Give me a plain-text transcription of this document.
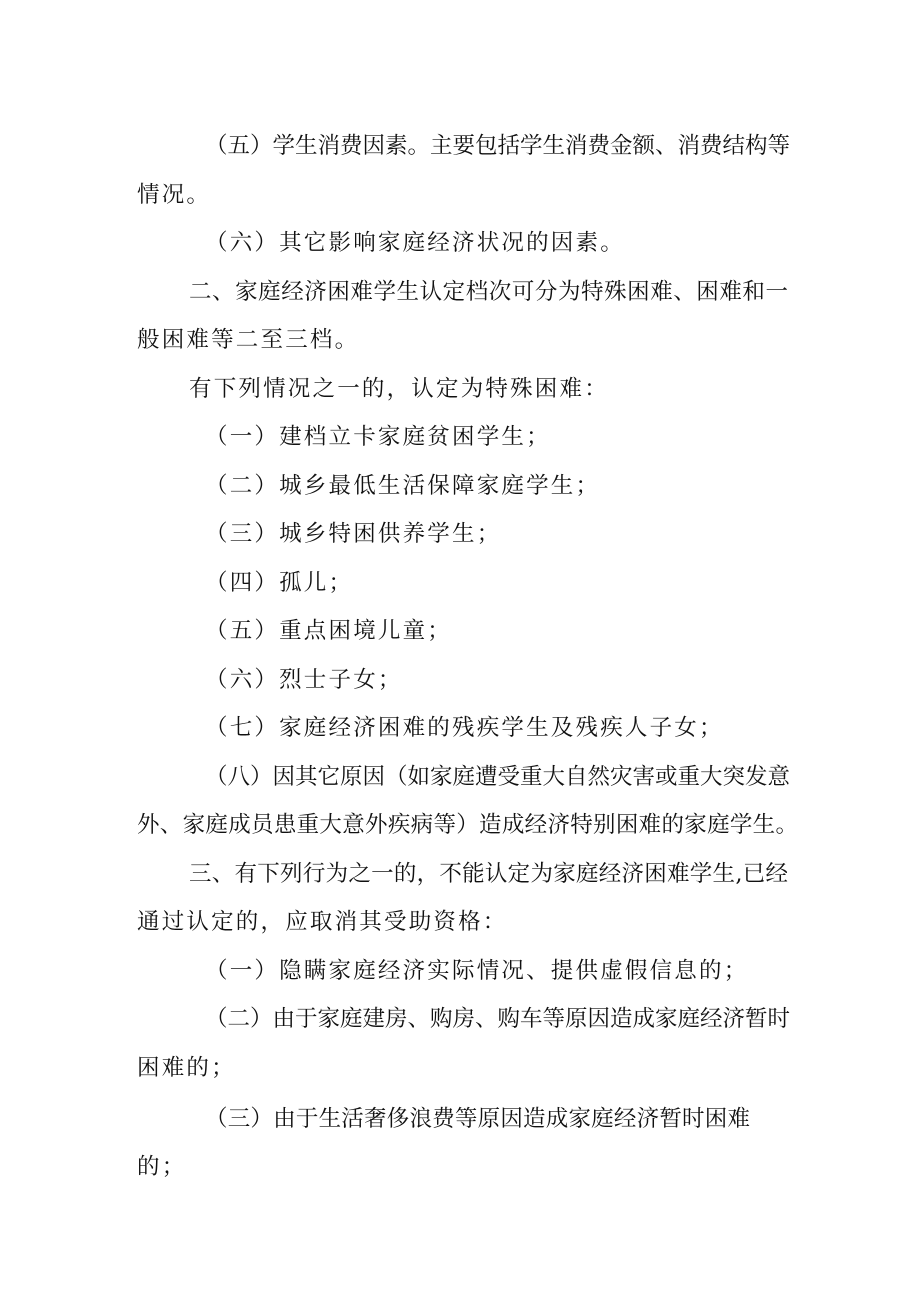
（五）学生消费因素。主要包括学生消费金额、消费结构等
情况。
（六）其它影响家庭经济状况的因素。
二、家庭经济困难学生认定档次可分为特殊困难、困难和一
般困难等二至三档。
有下列情况之一的，认定为特殊困难：
（一）建档立卡家庭贫困学生；
（二）城乡最低生活保障家庭学生；
（三）城乡特困供养学生；
（四）孤儿；
（五）重点困境儿童；
（六）烈士子女；
（七）家庭经济困难的残疾学生及残疾人子女；
（八）因其它原因（如家庭遭受重大自然灾害或重大突发意
外、家庭成员患重大意外疾病等）造成经济特别困难的家庭学生。
三、有下列行为之一的，不能认定为家庭经济困难学生,已经
通过认定的，应取消其受助资格：
（一）隐瞒家庭经济实际情况、提供虚假信息的；
（二）由于家庭建房、购房、购车等原因造成家庭经济暂时
困难的；
（三）由于生活奢侈浪费等原因造成家庭经济暂时困难
的；
